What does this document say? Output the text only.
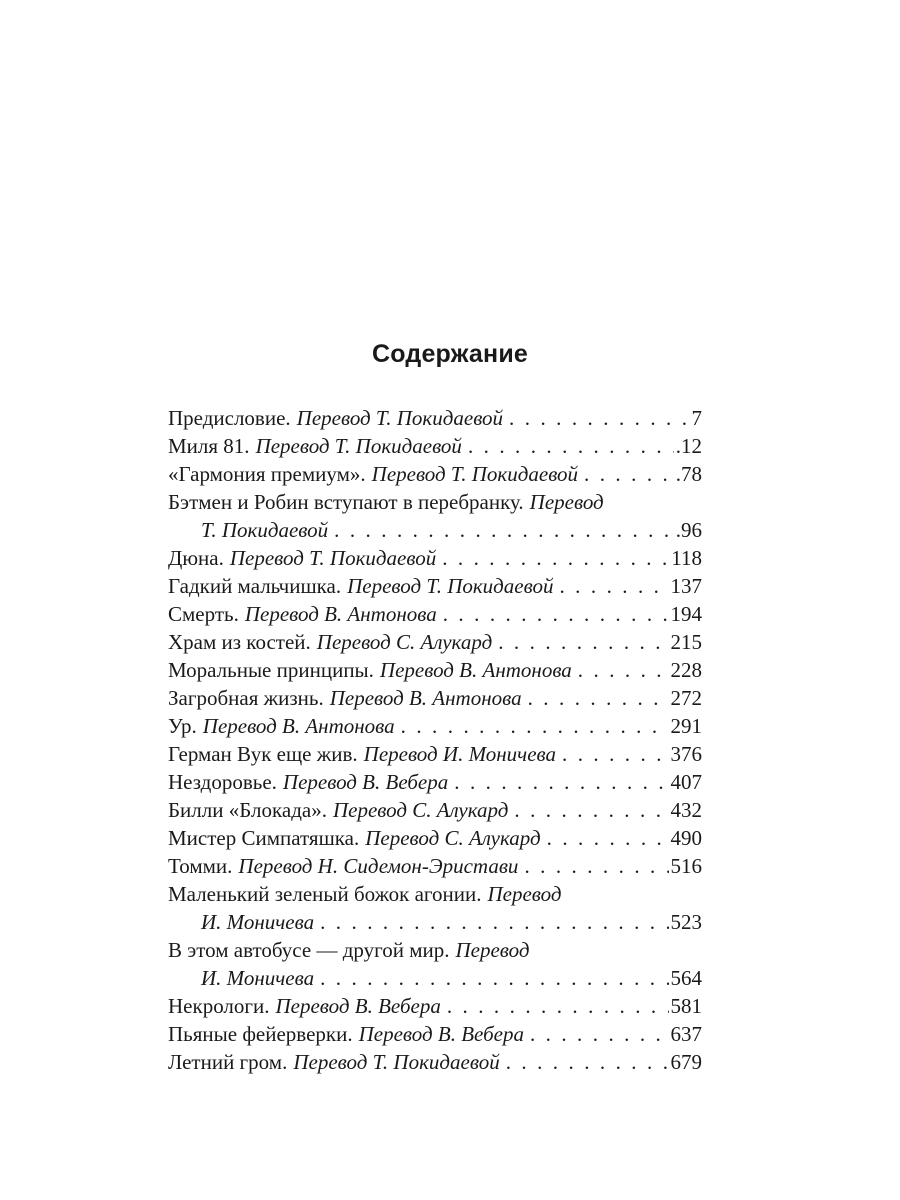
Содержание
Предисловие. Перевод Т. Покидаевой . . .	7
Миля 81. Перевод Т. Покидаевой . . .	.12
«Гармония премиум». Перевод Т. Покидаевой . . .	.78
Бэтмен и Робин вступают в перебранку. Перевод
Т. Покидаевой . . .	.96
Дюна. Перевод Т. Покидаевой . . .	118
Гадкий мальчишка. Перевод Т. Покидаевой . . .	137
Смерть. Перевод В. Антонова . . .	194
Храм из костей. Перевод С. Алукард . . .	215
Моральные принципы. Перевод В. Антонова . . .	228
Загробная жизнь. Перевод В. Антонова . . .	272
Ур. Перевод В. Антонова . . .	291
Герман Вук еще жив. Перевод И. Моничева . . .	376
Нездоровье. Перевод В. Вебера . . .	407
Билли «Блокада». Перевод С. Алукард . . .	432
Мистер Симпатяшка. Перевод С. Алукард . . .	490
Томми. Перевод Н. Сидемон-Эристави . . .	516
Маленький зеленый божок агонии. Перевод
И. Моничева . . .	523
В этом автобусе — другой мир. Перевод
И. Моничева . . .	564
Некрологи. Перевод В. Вебера . . .	581
Пьяные фейерверки. Перевод В. Вебера . . .	637
Летний гром. Перевод Т. Покидаевой . . .	679
